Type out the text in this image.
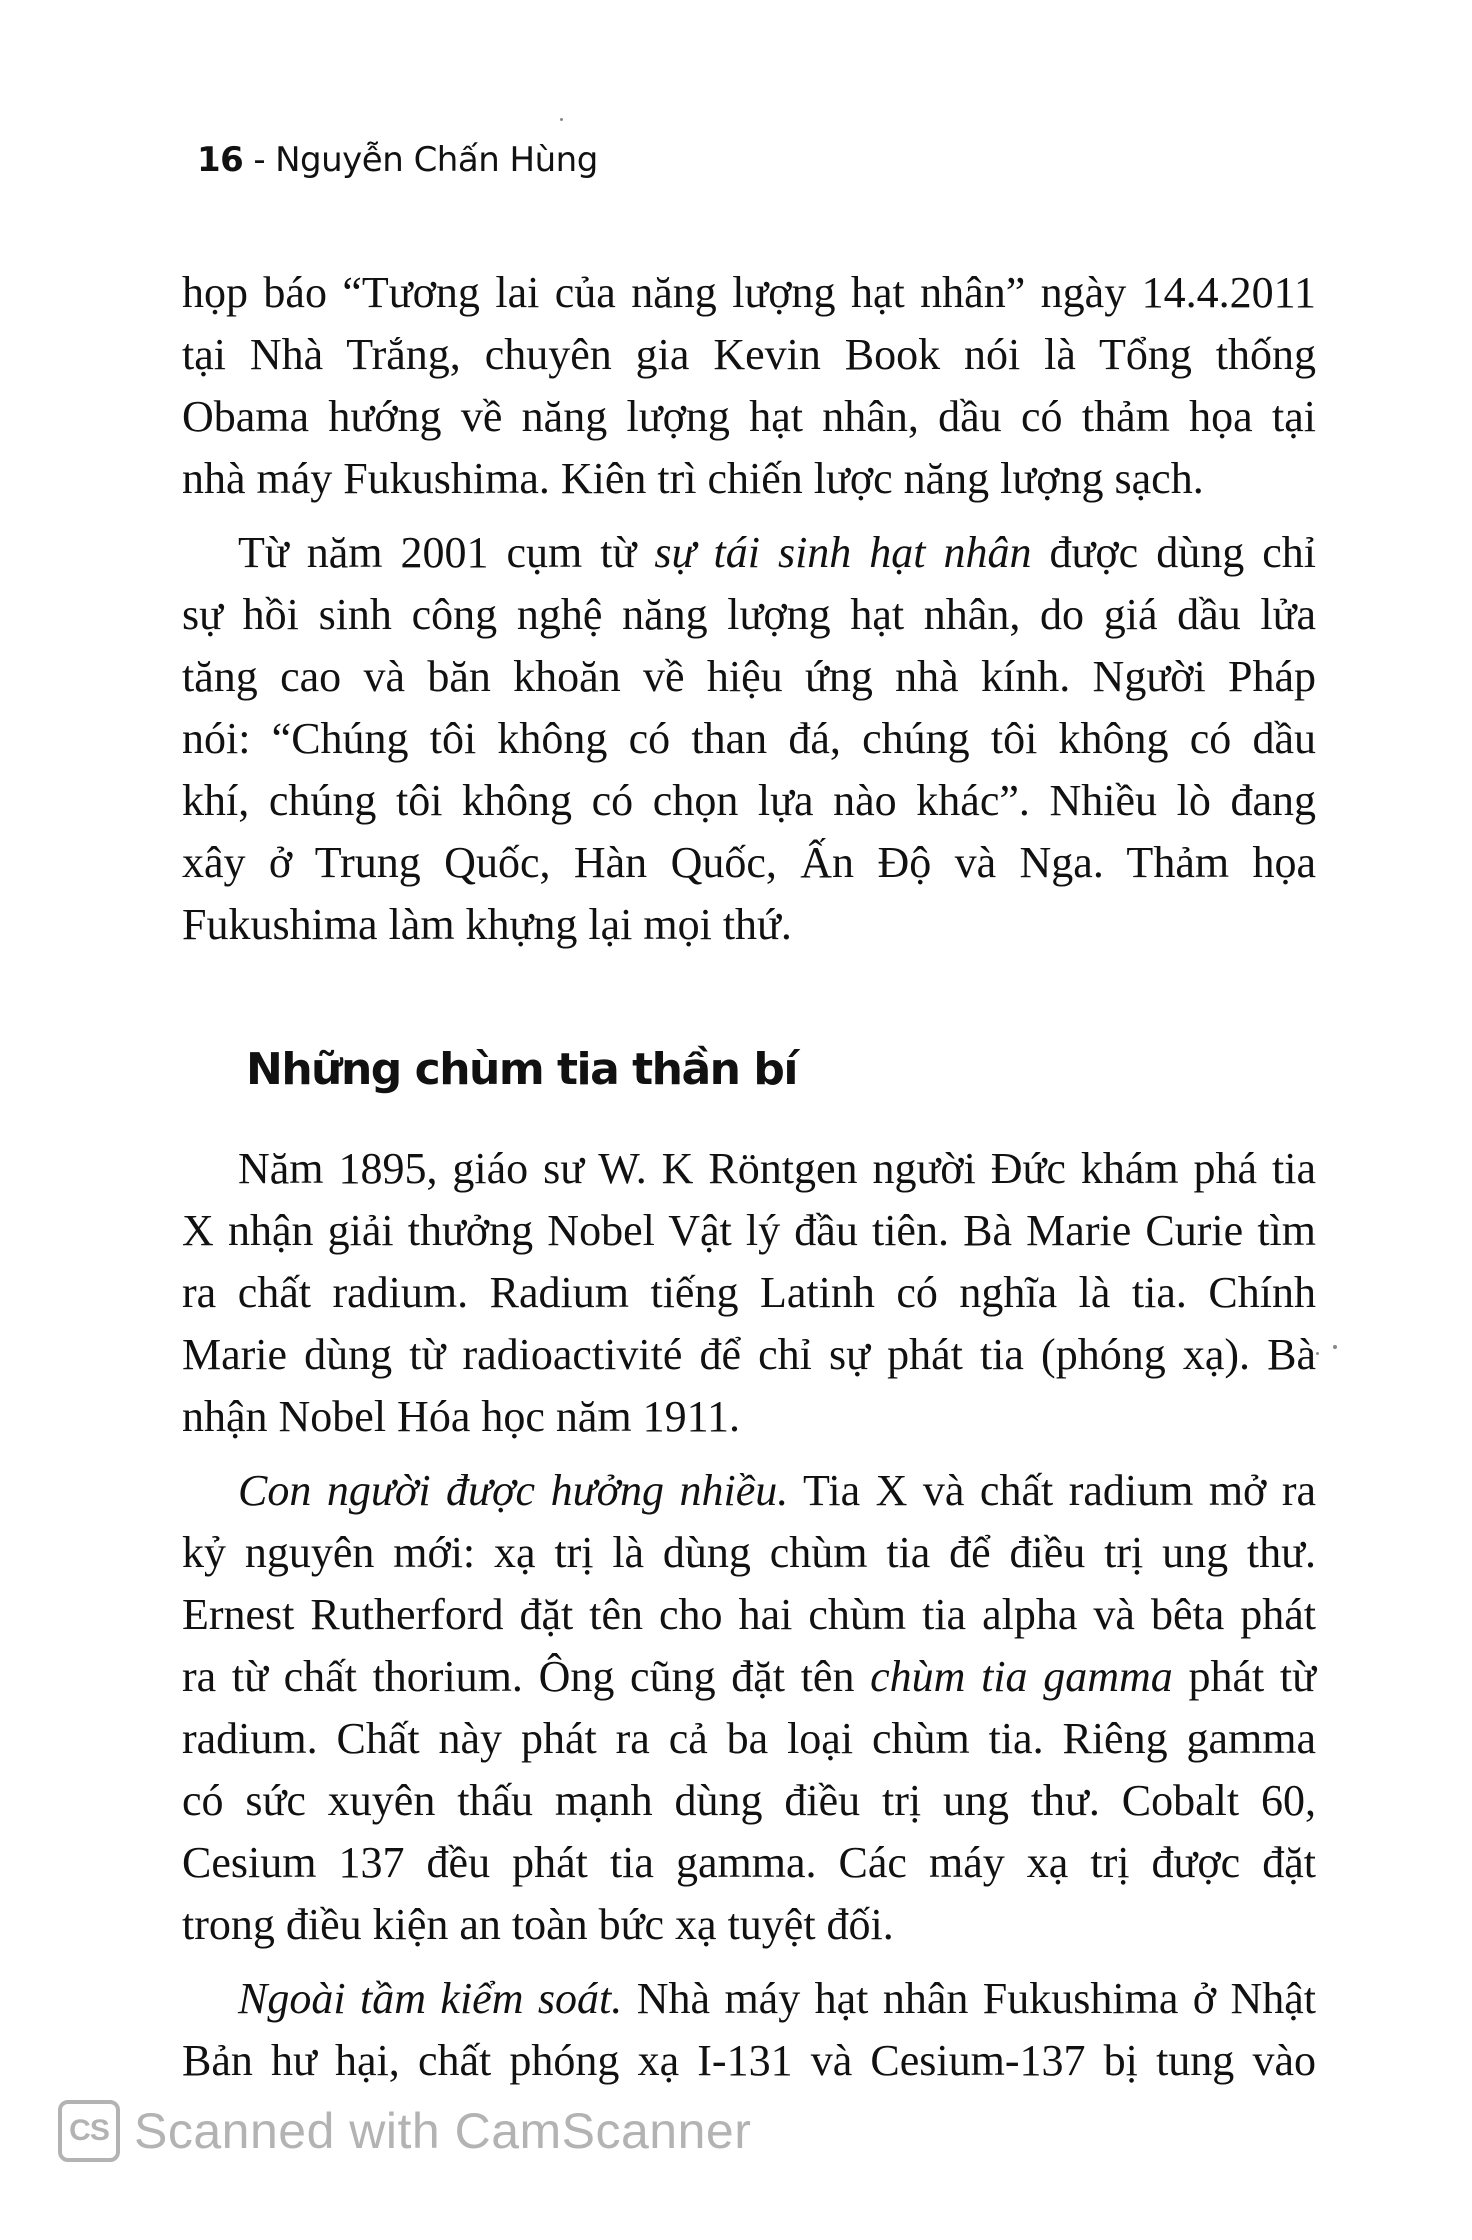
16 - Nguyễn Chấn Hùng

họp báo “Tương lai của năng lượng hạt nhân” ngày 14.4.2011
tại Nhà Trắng, chuyên gia Kevin Book nói là Tổng thống
Obama hướng về năng lượng hạt nhân, dầu có thảm họa tại
nhà máy Fukushima. Kiên trì chiến lược năng lượng sạch.

Từ năm 2001 cụm từ sự tái sinh hạt nhân được dùng chỉ
sự hồi sinh công nghệ năng lượng hạt nhân, do giá dầu lửa
tăng cao và băn khoăn về hiệu ứng nhà kính. Người Pháp
nói: “Chúng tôi không có than đá, chúng tôi không có dầu
khí, chúng tôi không có chọn lựa nào khác”. Nhiều lò đang
xây ở Trung Quốc, Hàn Quốc, Ấn Độ và Nga. Thảm họa
Fukushima làm khựng lại mọi thứ.

Những chùm tia thần bí

Năm 1895, giáo sư W. K Röntgen người Đức khám phá tia
X nhận giải thưởng Nobel Vật lý đầu tiên. Bà Marie Curie tìm
ra chất radium. Radium tiếng Latinh có nghĩa là tia. Chính
Marie dùng từ radioactivité để chỉ sự phát tia (phóng xạ). Bà
nhận Nobel Hóa học năm 1911.

Con người được hưởng nhiều. Tia X và chất radium mở ra
kỷ nguyên mới: xạ trị là dùng chùm tia để điều trị ung thư.
Ernest Rutherford đặt tên cho hai chùm tia alpha và bêta phát
ra từ chất thorium. Ông cũng đặt tên chùm tia gamma phát từ
radium. Chất này phát ra cả ba loại chùm tia. Riêng gamma
có sức xuyên thấu mạnh dùng điều trị ung thư. Cobalt 60,
Cesium 137 đều phát tia gamma. Các máy xạ trị được đặt
trong điều kiện an toàn bức xạ tuyệt đối.

Ngoài tầm kiểm soát. Nhà máy hạt nhân Fukushima ở Nhật
Bản hư hại, chất phóng xạ I-131 và Cesium-137 bị tung vào

CS Scanned with CamScanner
